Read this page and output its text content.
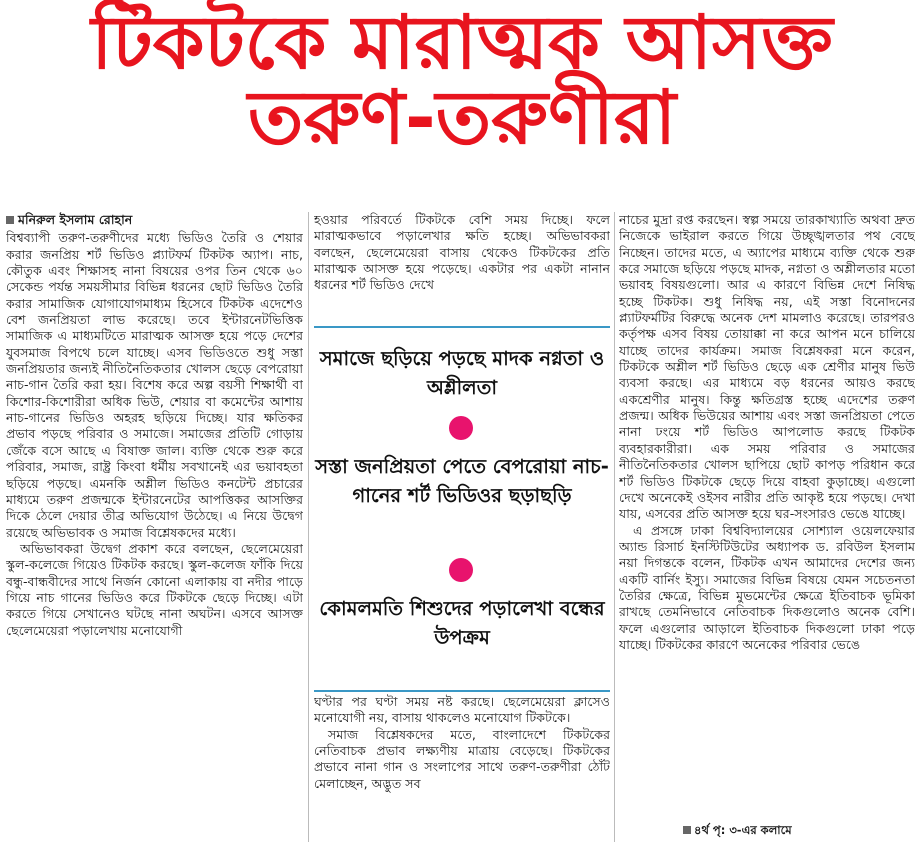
টিকটকে মারাত্মক আসক্ত
তরুণ-তরুণীরা
মনিরুল ইসলাম রোহান

বিশ্বব্যাপী তরুণ-তরুণীদের মধ্যে ভিডিও তৈরি ও শেয়ার করার জনপ্রিয় শর্ট ভিডিও প্ল্যাটফর্ম টিকটক অ্যাপ। নাচ, কৌতুক এবং শিক্ষাসহ নানা বিষয়ের ওপর তিন থেকে ৬০ সেকেন্ড পর্যন্ত সময়সীমার বিভিন্ন ধরনের ছোট ভিডিও তৈরি করার সামাজিক যোগাযোগমাধ্যম হিসেবে টিকটক এদেশেও বেশ জনপ্রিয়তা লাভ করেছে। তবে ইন্টারনেটভিত্তিক সামাজিক এ মাধ্যমটিতে মারাত্মক আসক্ত হয়ে পড়ে দেশের যুবসমাজ বিপথে চলে যাচ্ছে। এসব ভিডিওতে শুধু সস্তা জনপ্রিয়তার জন্যই নীতিনৈতিকতার খোলস ছেড়ে বেপরোয়া নাচ-গান তৈরি করা হয়। বিশেষ করে অল্প বয়সী শিক্ষার্থী বা কিশোর-কিশোরীরা অধিক ভিউ, শেয়ার বা কমেন্টের আশায় নাচ-গানের ভিডিও অহরহ ছড়িয়ে দিচ্ছে। যার ক্ষতিকর প্রভাব পড়ছে পরিবার ও সমাজে। সমাজের প্রতিটি গোড়ায় জেঁকে বসে আছে এ বিষাক্ত জাল। ব্যক্তি থেকে শুরু করে পরিবার, সমাজ, রাষ্ট্র কিংবা ধর্মীয় সবখানেই এর ভয়াবহতা ছড়িয়ে পড়ছে। এমনকি অশ্লীল ভিডিও কনটেন্ট প্রচারের মাধ্যমে তরুণ প্রজন্মকে ইন্টারনেটের আপত্তিকর আসক্তির দিকে ঠেলে দেয়ার তীব্র অভিযোগ উঠেছে। এ নিয়ে উদ্বেগ রয়েছে অভিভাবক ও সমাজ বিশ্লেষকদের মধ্যে।

অভিভাবকরা উদ্বেগ প্রকাশ করে বলছেন, ছেলেমেয়েরা স্কুল-কলেজে গিয়েও টিকটক করছে। স্কুল-কলেজ ফাঁকি দিয়ে বন্ধু-বান্ধবীদের সাথে নির্জন কোনো এলাকায় বা নদীর পাড়ে গিয়ে নাচ গানের ভিডিও করে টিকটকে ছেড়ে দিচ্ছে। এটা করতে গিয়ে সেখানেও ঘটছে নানা অঘটন। এসবে আসক্ত ছেলেমেয়েরা পড়ালেখায় মনোযোগী

হওয়ার পরিবর্তে টিকটকে বেশি সময় দিচ্ছে। ফলে মারাত্মকভাবে পড়ালেখার ক্ষতি হচ্ছে। অভিভাবকরা বলছেন, ছেলেমেয়েরা বাসায় থেকেও টিকটকের প্রতি মারাত্মক আসক্ত হয়ে পড়েছে। একটার পর একটা নানান ধরনের শর্ট ভিডিও দেখে

সমাজে ছড়িয়ে পড়ছে মাদক নগ্নতা ও অশ্লীলতা
সস্তা জনপ্রিয়তা পেতে বেপরোয়া নাচ-গানের শর্ট ভিডিওর ছড়াছড়ি
কোমলমতি শিশুদের পড়ালেখা বন্ধের উপক্রম

ঘণ্টার পর ঘণ্টা সময় নষ্ট করছে। ছেলেমেয়েরা ক্লাসেও মনোযোগী নয়, বাসায় থাকলেও মনোযোগ টিকটকে।

সমাজ বিশ্লেষকদের মতে, বাংলাদেশে টিকটকের নেতিবাচক প্রভাব লক্ষ্যণীয় মাত্রায় বেড়েছে। টিকটকের প্রভাবে নানা গান ও সংলাপের সাথে তরুণ-তরুণীরা ঠোঁট মেলাচ্ছেন, অদ্ভুত সব

নাচের মুদ্রা রপ্ত করছেন। স্বল্প সময়ে তারকাখ্যাতি অথবা দ্রুত নিজেকে ভাইরাল করতে গিয়ে উচ্ছৃঙ্খলতার পথ বেছে নিচ্ছেন। তাদের মতে, এ অ্যাপের মাধ্যমে ব্যক্তি থেকে শুরু করে সমাজে ছড়িয়ে পড়ছে মাদক, নগ্নতা ও অশ্লীলতার মতো ভয়াবহ বিষয়গুলো। আর এ কারণে বিভিন্ন দেশে নিষিদ্ধ হচ্ছে টিকটক। শুধু নিষিদ্ধ নয়, এই সস্তা বিনোদনের প্ল্যাটফর্মটির বিরুদ্ধে অনেক দেশ মামলাও করেছে। তারপরও কর্তৃপক্ষ এসব বিষয় তোয়াক্কা না করে আপন মনে চালিয়ে যাচ্ছে তাদের কার্যক্রম। সমাজ বিশ্লেষকরা মনে করেন, টিকটকে অশ্লীল শর্ট ভিডিও ছেড়ে এক শ্রেণীর মানুষ ভিউ ব্যবসা করছে। এর মাধ্যমে বড় ধরনের আয়ও করছে একশ্রেণীর মানুষ। কিন্তু ক্ষতিগ্রস্ত হচ্ছে এদেশের তরুণ প্রজন্ম। অধিক ভিউয়ের আশায় এবং সস্তা জনপ্রিয়তা পেতে নানা ঢংয়ে শর্ট ভিডিও আপলোড করছে টিকটক ব্যবহারকারীরা। এক সময় পরিবার ও সমাজের নীতিনৈতিকতার খোলস ছাপিয়ে ছোট কাপড় পরিধান করে শর্ট ভিডিও টিকটকে ছেড়ে দিয়ে বাহবা কুড়াচ্ছে। এগুলো দেখে অনেকেই ওইসব নারীর প্রতি আকৃষ্ট হয়ে পড়ছে। দেখা যায়, এসবের প্রতি আসক্ত হয়ে ঘর-সংসারও ভেঙে যাচ্ছে।

এ প্রসঙ্গে ঢাকা বিশ্ববিদ্যালয়ের সোশ্যাল ওয়েলফেয়ার অ্যান্ড রিসার্চ ইনস্টিটিউটের অধ্যাপক ড. রবিউল ইসলাম নয়া দিগন্তকে বলেন, টিকটক এখন আমাদের দেশের জন্য একটি বার্নিং ইস্যু। সমাজের বিভিন্ন বিষয়ে যেমন সচেতনতা তৈরির ক্ষেত্রে, বিভিন্ন মুভমেন্টের ক্ষেত্রে ইতিবাচক ভূমিকা রাখছে তেমনিভাবে নেতিবাচক দিকগুলোও অনেক বেশি। ফলে এগুলোর আড়ালে ইতিবাচক দিকগুলো ঢাকা পড়ে যাচ্ছে। টিকটকের কারণে অনেকের পরিবার ভেঙে

৪র্থ পৃ: ৩-এর কলামে
